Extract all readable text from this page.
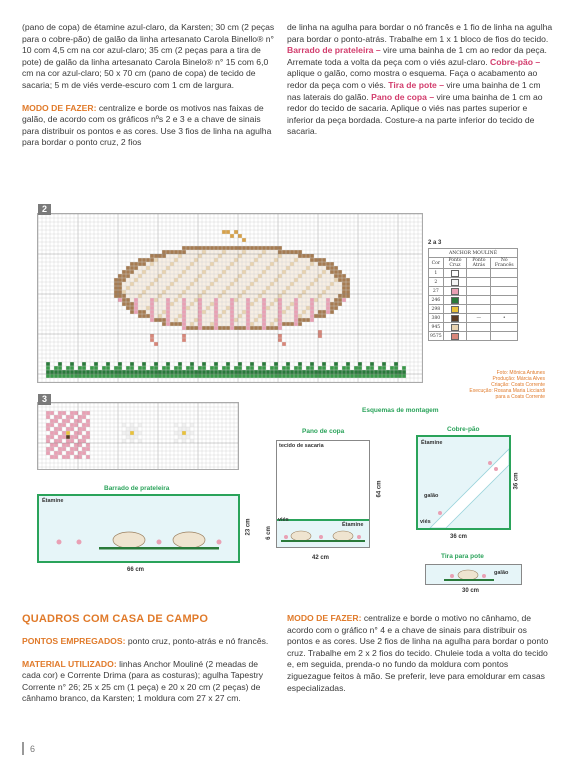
(pano de copa) de étamine azul-claro, da Karsten; 30 cm (2 peças para o cobre-pão) de galão da linha artesanato Carola Binello® n° 10 com 4,5 cm na cor azul-claro; 35 cm (2 peças para a tira de pote) de galão da linha artesanato Carola Binelo® n° 15 com 6,0 cm na cor azul-claro; 50 x 70 cm (pano de copa) de tecido de sacaria; 5 m de viés verde-escuro com 1 cm de largura.

MODO DE FAZER: centralize e borde os motivos nas faixas de galão, de acordo com os gráficos nºs 2 e 3 e a chave de sinais para distribuir os pontos e as cores. Use 3 fios de linha na agulha para bordar o ponto cruz, 2 fios

de linha na agulha para bordar o nó francês e 1 fio de linha na agulha para bordar o ponto-atrás. Trabalhe em 1 x 1 bloco de fios do tecido. Barrado de prateleira – vire uma bainha de 1 cm ao redor da peça. Arremate toda a volta da peça com o viés azul-claro. Cobre-pão – aplique o galão, como mostra o esquema. Faça o acabamento ao redor da peça com o viés. Tira de pote – vire uma bainha de 1 cm nas laterais do galão. Pano de copa – vire uma bainha de 1 cm ao redor do tecido de sacaria. Aplique o viés nas partes superior e inferior da peça bordada. Costure-a na parte inferior do tecido de sacaria.

2
3
2 a 3
ANCHOR MOULINÉ			
Cor	Ponto Cruz	Ponto Atrás	Nó Francês
1			
2			
27			
246			
298			
380		—	•
945			
9575			
Foto: Mônica Antunes
Produção: Márcia Alves
Criação: Coats Corrente
Execução: Rosana Maria Licciardi
para a Coats Corrente
Esquemas de montagem
Pano de copa
tecido de sacaria
viés
Étamine
42 cm
64 cm
6 cm
Cobre-pão
Étamine
galão
viés
36 cm
36 cm
Tira para pote
galão
30 cm
Barrado de prateleira
Étamine
66 cm
23 cm
QUADROS COM CASA DE CAMPO

PONTOS EMPREGADOS: ponto cruz, ponto-atrás e nó francês.

MATERIAL UTILIZADO: linhas Anchor Mouliné (2 meadas de cada cor) e Corrente Drima (para as costuras); agulha Tapestry Corrente n° 26; 25 x 25 cm (1 peça) e 20 x 20 cm (2 peças) de cânhamo branco, da Karsten; 1 moldura com 27 x 27 cm.

MODO DE FAZER: centralize e borde o motivo no cânhamo, de acordo com o gráfico n° 4 e a chave de sinais para distribuir os pontos e as cores. Use 2 fios de linha na agulha para bordar o ponto cruz. Trabalhe em 2 x 2 fios do tecido. Chuleie toda a volta do tecido e, em seguida, prenda-o no fundo da moldura com pontos ziguezague feitos à mão. Se preferir, leve para emoldurar em casas especializadas.

6
